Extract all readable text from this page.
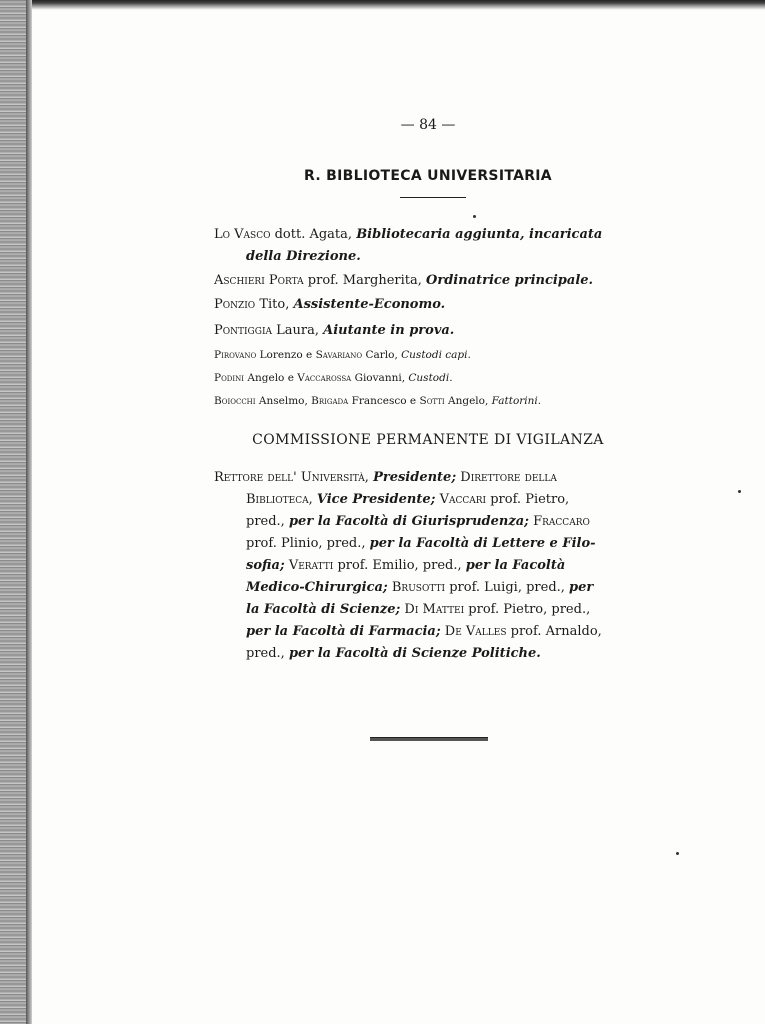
— 84 —
R. BIBLIOTECA UNIVERSITARIA
Lo Vasco dott. Agata, Bibliotecaria aggiunta, incaricata
della Direzione.
Aschieri Porta prof. Margherita, Ordinatrice principale.
Ponzio Tito, Assistente-Economo.
Pontiggia Laura, Aiutante in prova.
Pirovano Lorenzo e Savariano Carlo, Custodi capi.
Podini Angelo e Vaccarossa Giovanni, Custodi.
Boiocchi Anselmo, Brigada Francesco e Sotti Angelo, Fattorini.
COMMISSIONE PERMANENTE DI VIGILANZA
Rettore dell' Università, Presidente; Direttore della
Biblioteca, Vice Presidente; Vaccari prof. Pietro,
pred., per la Facoltà di Giurisprudenza; Fraccaro
prof. Plinio, pred., per la Facoltà di Lettere e Filo-
sofia; Veratti prof. Emilio, pred., per la Facoltà
Medico-Chirurgica; Brusotti prof. Luigi, pred., per
la Facoltà di Scienze; Di Mattei prof. Pietro, pred.,
per la Facoltà di Farmacia; De Valles prof. Arnaldo,
pred., per la Facoltà di Scienze Politiche.
